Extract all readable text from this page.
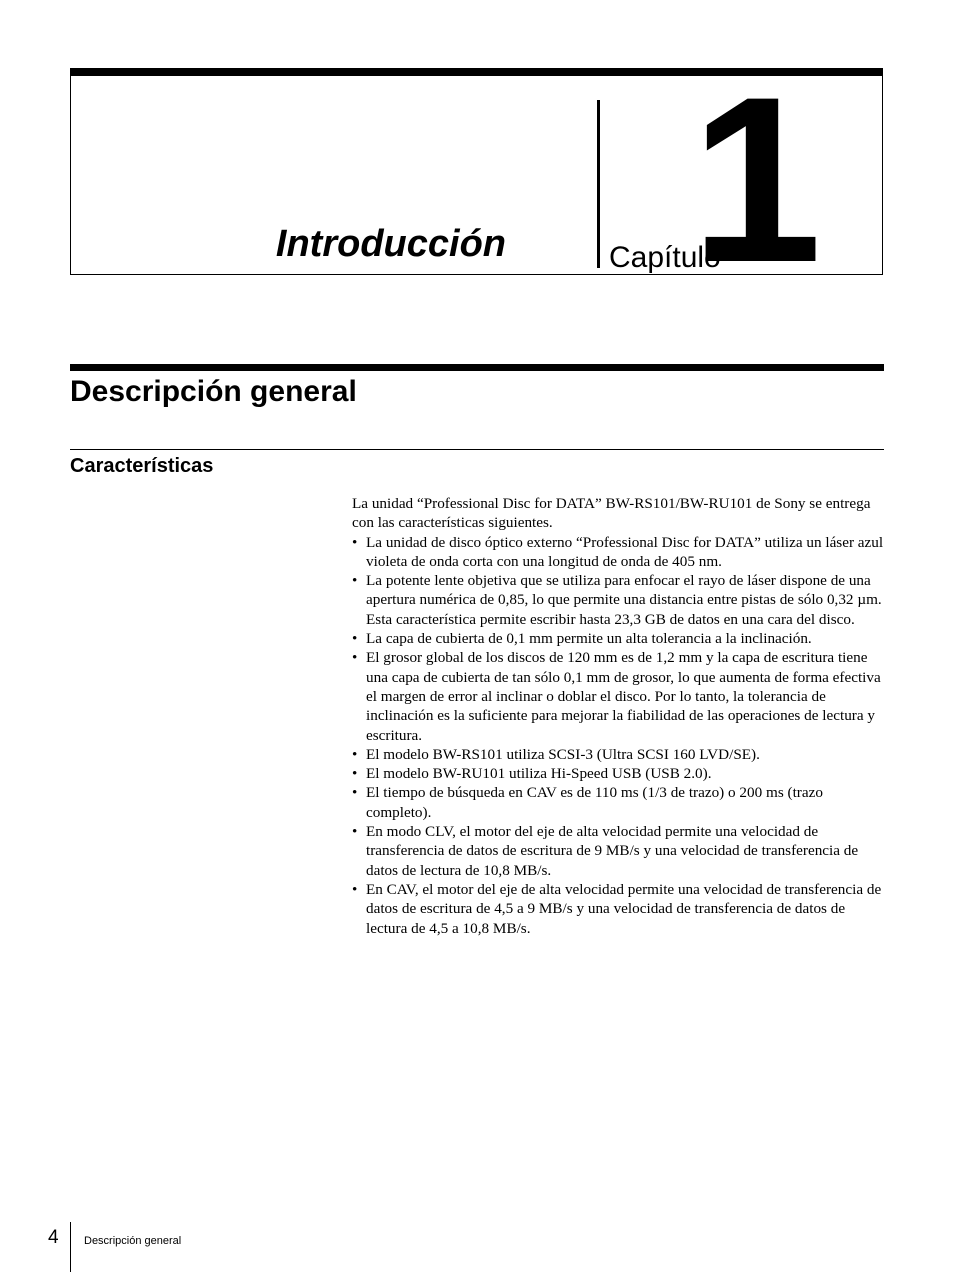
Introducción	Capítulo
1
Descripción general
Características

La unidad “Professional Disc for DATA” BW-RS101/BW-RU101 de Sony se entrega con las características siguientes.

• La unidad de disco óptico externo “Professional Disc for DATA” utiliza un láser azul violeta de onda corta con una longitud de onda de 405 nm.
• La potente lente objetiva que se utiliza para enfocar el rayo de láser dispone de una apertura numérica de 0,85, lo que permite una distancia entre pistas de sólo 0,32 µm. Esta característica permite escribir hasta 23,3 GB de datos en una cara del disco.
• La capa de cubierta de 0,1 mm permite un alta tolerancia a la inclinación.
• El grosor global de los discos de 120 mm es de 1,2 mm y la capa de escritura tiene una capa de cubierta de tan sólo 0,1 mm de grosor, lo que aumenta de forma efectiva el margen de error al inclinar o doblar el disco. Por lo tanto, la tolerancia de inclinación es la suficiente para mejorar la fiabilidad de las operaciones de lectura y escritura.
• El modelo BW-RS101 utiliza SCSI-3 (Ultra SCSI 160 LVD/SE).
• El modelo BW-RU101 utiliza Hi-Speed USB (USB 2.0).
• El tiempo de búsqueda en CAV es de 110 ms (1/3 de trazo) o 200 ms (trazo completo).
• En modo CLV, el motor del eje de alta velocidad permite una velocidad de transferencia de datos de escritura de 9 MB/s y una velocidad de transferencia de datos de lectura de 10,8 MB/s.
• En CAV, el motor del eje de alta velocidad permite una velocidad de transferencia de datos de escritura de 4,5 a 9 MB/s y una velocidad de transferencia de datos de lectura de 4,5 a 10,8 MB/s.
4 Descripción general
